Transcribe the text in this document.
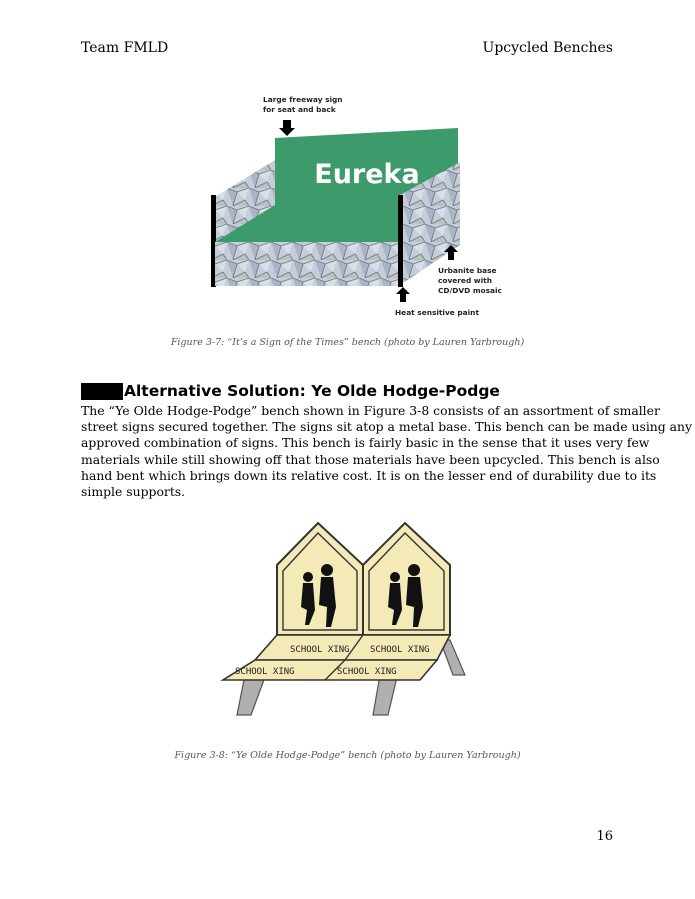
Team FMLD	Upcycled Benches
Eureka
Large freeway sign for seat and back
Urbanite base covered with CD/DVD mosaic
Heat sensitive paint
Figure 3-7: “It’s a Sign of the Times” bench (photo by Lauren Yarbrough)
Alternative Solution: Ye Olde Hodge-Podge
The “Ye Olde Hodge-Podge” bench shown in Figure 3-8 consists of an assortment of smaller
street signs secured together. The signs sit atop a metal base. This bench can be made using any
approved combination of signs. This bench is fairly basic in the sense that it uses very few
materials while still showing off that those materials have been upcycled. This bench is also
hand bent which brings down its relative cost. It is on the lesser end of durability due to its
simple supports.
SCHOOL XING SCHOOL XING
SCHOOL XING	SCHOOL XING
Figure 3-8: “Ye Olde Hodge-Podge” bench (photo by Lauren Yarbrough)
16
